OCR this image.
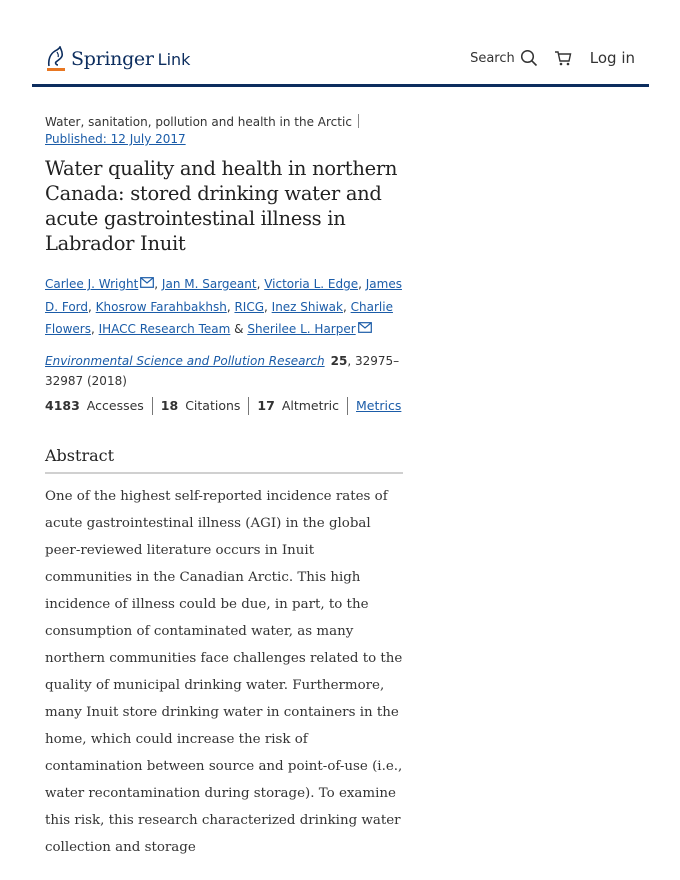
Springer Link	Search	Log in
Water, sanitation, pollution and health in the Arctic
Published: 12 July 2017
Water quality and health in northern Canada: stored drinking water and acute gastrointestinal illness in Labrador Inuit
Carlee J. Wright , Jan M. Sargeant, Victoria L. Edge, James D. Ford, Khosrow Farahbakhsh, RICG, Inez Shiwak, Charlie Flowers, IHACC Research Team & Sherilee L. Harper
Environmental Science and Pollution Research 25, 32975–32987 (2018)
4183 Accesses 18 Citations 17 Altmetric Metrics
Abstract
One of the highest self-reported incidence rates of acute gastrointestinal illness (AGI) in the global peer-reviewed literature occurs in Inuit communities in the Canadian Arctic. This high incidence of illness could be due, in part, to the consumption of contaminated water, as many northern communities face challenges related to the quality of municipal drinking water. Furthermore, many Inuit store drinking water in containers in the home, which could increase the risk of contamination between source and point-of-use (i.e., water recontamination during storage). To examine this risk, this research characterized drinking water collection and storage
